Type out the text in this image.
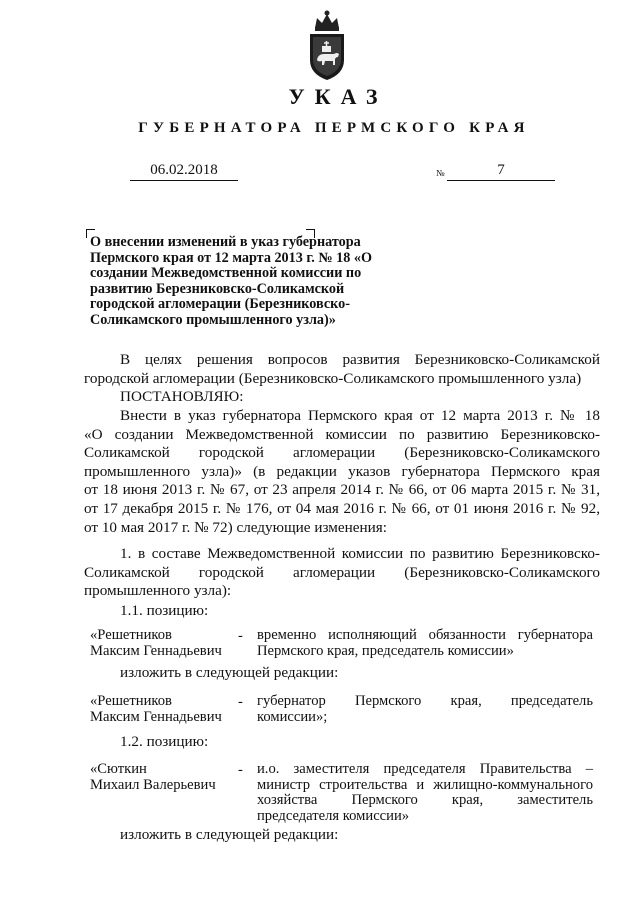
УКАЗ
ГУБЕРНАТОРА ПЕРМСКОГО КРАЯ
06.02.2018	№	7
О внесении изменений в указ губернатора Пермского края от 12 марта 2013 г. № 18 «О создании Межведомственной комиссии по развитию Березниковско-Соликамской городской агломерации (Березниковско-Соликамского промышленного узла)»
В целях решения вопросов развития Березниковско-Соликамской
городской агломерации (Березниковско-Соликамского промышленного узла)
ПОСТАНОВЛЯЮ:
Внести в указ губернатора Пермского края от 12 марта 2013 г. № 18
«О создании Межведомственной комиссии по развитию Березниковско-
Соликамской городской агломерации (Березниковско-Соликамского
промышленного узла)» (в редакции указов губернатора Пермского края
от 18 июня 2013 г. № 67, от 23 апреля 2014 г. № 66, от 06 марта 2015 г. № 31,
от 17 декабря 2015 г. № 176, от 04 мая 2016 г. № 66, от 01 июня 2016 г. № 92,
от 10 мая 2017 г. № 72) следующие изменения:
1. в составе Межведомственной комиссии по развитию Березниковско-
Соликамской городской агломерации (Березниковско-Соликамского
промышленного узла):
1.1. позицию:
«Решетников
Максим Геннадьевич
- временно исполняющий обязанности губернатора
Пермского края, председатель комиссии»
изложить в следующей редакции:
«Решетников
Максим Геннадьевич
- губернатор Пермского края, председатель
комиссии»;
1.2. позицию:
«Сюткин
Михаил Валерьевич
- и.о. заместителя председателя Правительства –
министр строительства и жилищно-коммунального
хозяйства Пермского края, заместитель
председателя комиссии»
изложить в следующей редакции:
